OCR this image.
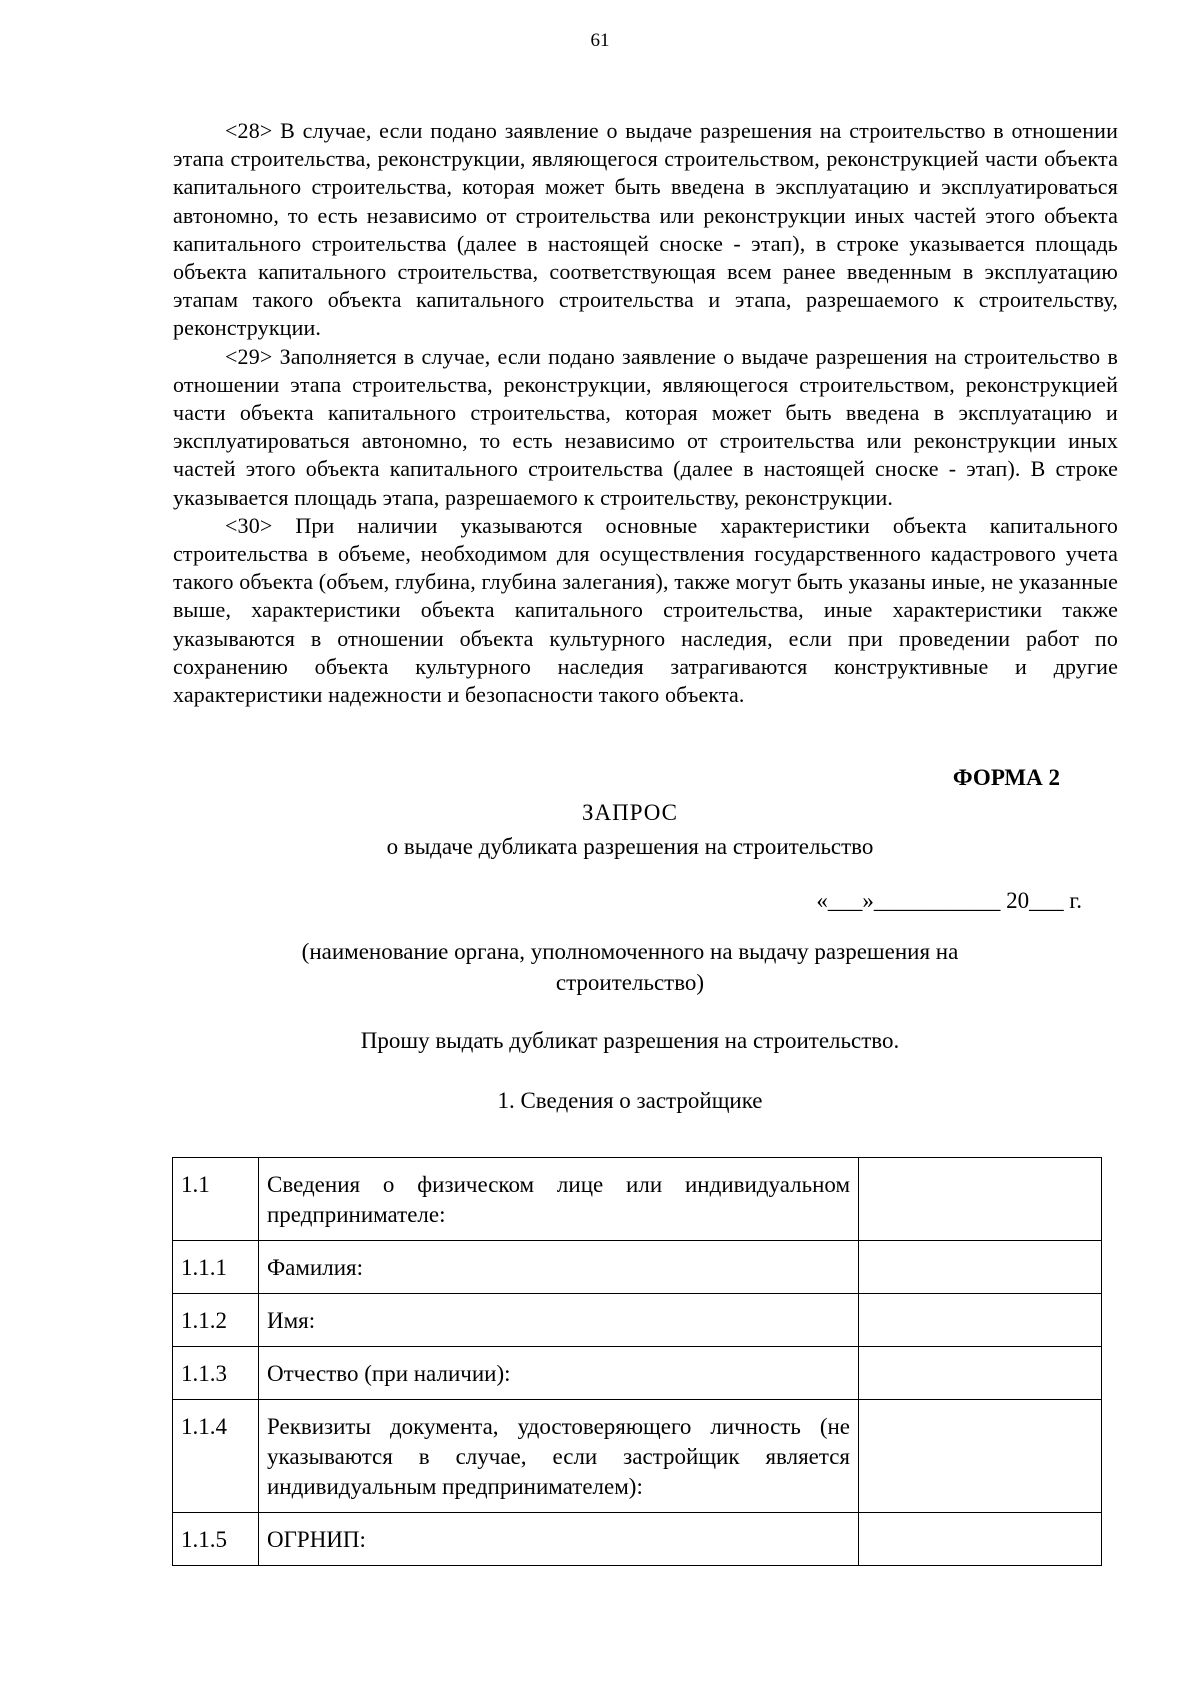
61

<28> В случае, если подано заявление о выдаче разрешения на строительство в отношении этапа строительства, реконструкции, являющегося строительством, реконструкцией части объекта капитального строительства, которая может быть введена в эксплуатацию и эксплуатироваться автономно, то есть независимо от строительства или реконструкции иных частей этого объекта капитального строительства (далее в настоящей сноске - этап), в строке указывается площадь объекта капитального строительства, соответствующая всем ранее введенным в эксплуатацию этапам такого объекта капитального строительства и этапа, разрешаемого к строительству, реконструкции.

<29> Заполняется в случае, если подано заявление о выдаче разрешения на строительство в отношении этапа строительства, реконструкции, являющегося строительством, реконструкцией части объекта капитального строительства, которая может быть введена в эксплуатацию и эксплуатироваться автономно, то есть независимо от строительства или реконструкции иных частей этого объекта капитального строительства (далее в настоящей сноске - этап). В строке указывается площадь этапа, разрешаемого к строительству, реконструкции.

<30> При наличии указываются основные характеристики объекта капитального строительства в объеме, необходимом для осуществления государственного кадастрового учета такого объекта (объем, глубина, глубина залегания), также могут быть указаны иные, не указанные выше, характеристики объекта капитального строительства, иные характеристики также указываются в отношении объекта культурного наследия, если при проведении работ по сохранению объекта культурного наследия затрагиваются конструктивные и другие характеристики надежности и безопасности такого объекта.

ФОРМА 2
ЗАПРОС
о выдаче дубликата разрешения на строительство
«___»___________ 20___ г.
(наименование органа, уполномоченного на выдачу разрешения на строительство)
Прошу выдать дубликат разрешения на строительство.
1. Сведения о застройщике
1.1	Сведения о физическом лице или индивидуальном предпринимателе:	
1.1.1	Фамилия:	
1.1.2	Имя:	
1.1.3	Отчество (при наличии):	
1.1.4	Реквизиты документа, удостоверяющего личность (не указываются в случае, если застройщик является индивидуальным предпринимателем):	
1.1.5	ОГРНИП:	
